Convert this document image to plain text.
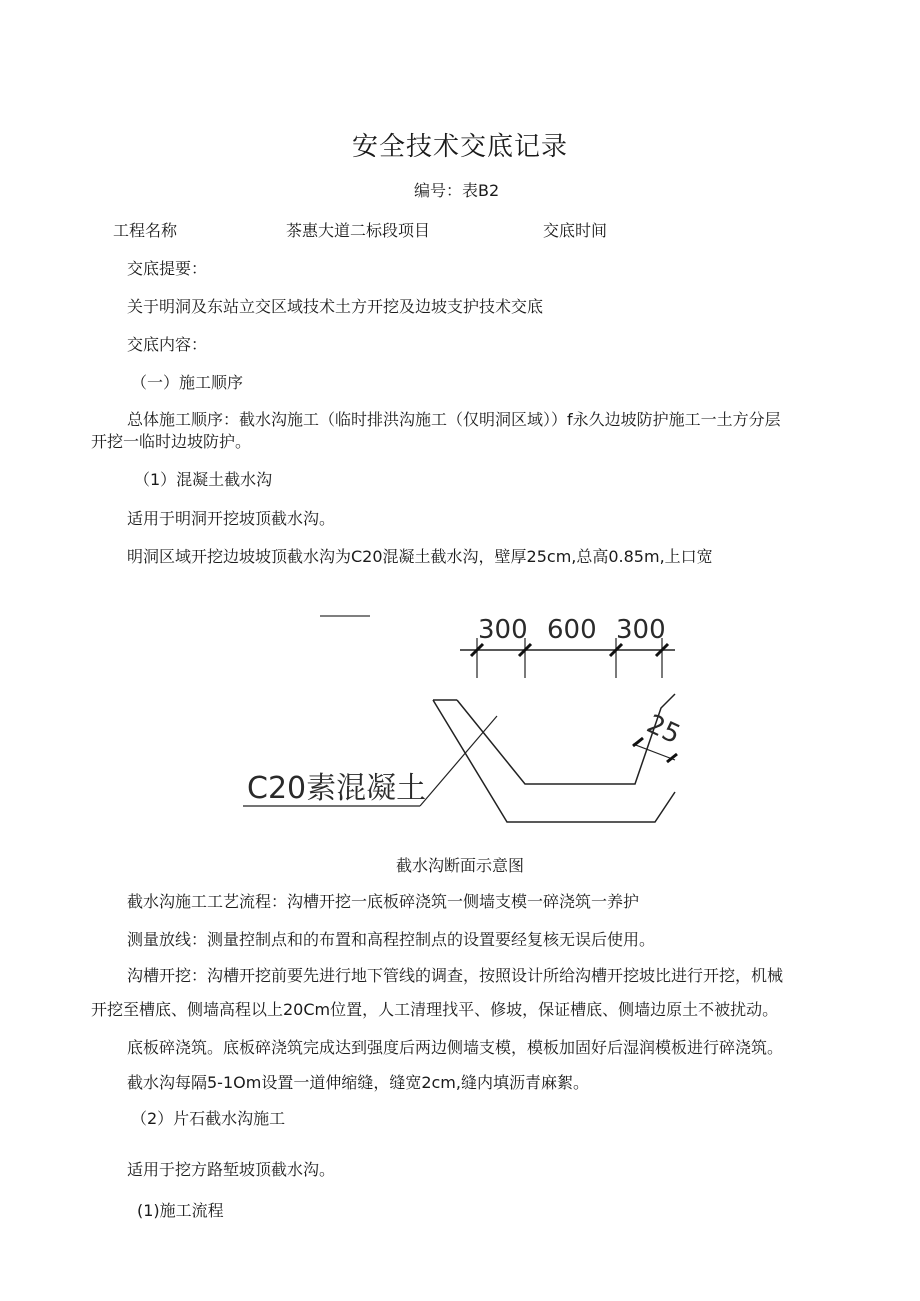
安全技术交底记录
编号：表B2
工程名称	茶惠大道二标段项目	交底时间
交底提要：
关于明洞及东站立交区域技术土方开挖及边坡支护技术交底
交底内容：
（一）施工顺序
总体施工顺序：截水沟施工（临时排洪沟施工（仅明洞区域））f永久边坡防护施工一土方分层
开挖一临时边坡防护。
（1）混凝土截水沟
适用于明洞开挖坡顶截水沟。
明洞区域开挖边坡坡顶截水沟为C20混凝土截水沟，壁厚25cm,总高0.85m,上口宽
300 600 300
25
C20素混凝土
截水沟断面示意图
截水沟施工工艺流程：沟槽开挖一底板碎浇筑一侧墙支模一碎浇筑一养护
测量放线：测量控制点和的布置和高程控制点的设置要经复核无误后使用。
沟槽开挖：沟槽开挖前要先进行地下管线的调查，按照设计所给沟槽开挖坡比进行开挖，机械
开挖至槽底、侧墙高程以上20Cm位置，人工清理找平、修坡，保证槽底、侧墙边原土不被扰动。
底板碎浇筑。底板碎浇筑完成达到强度后两边侧墙支模，模板加固好后湿润模板进行碎浇筑。
截水沟每隔5-1Om设置一道伸缩缝，缝宽2cm,缝内填沥青麻絮。
（2）片石截水沟施工
适用于挖方路堑坡顶截水沟。
(1)施工流程
